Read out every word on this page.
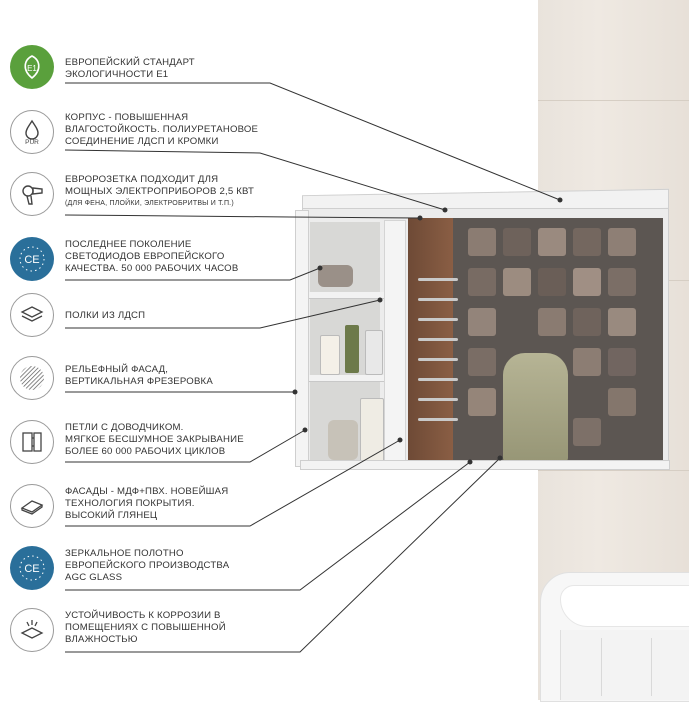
E1
ЕВРОПЕЙСКИЙ СТАНДАРТ
ЭКОЛОГИЧНОСТИ Е1
PUR
КОРПУС - ПОВЫШЕННАЯ
ВЛАГОСТОЙКОСТЬ. ПОЛИУРЕТАНОВОЕ
СОЕДИНЕНИЕ ЛДСП И КРОМКИ
ЕВРОРОЗЕТКА ПОДХОДИТ ДЛЯ
МОЩНЫХ ЭЛЕКТРОПРИБОРОВ 2,5 КВТ
(ДЛЯ ФЕНА, ПЛОЙКИ, ЭЛЕКТРОБРИТВЫ И Т.П.)
CE
ПОСЛЕДНЕЕ ПОКОЛЕНИЕ
СВЕТОДИОДОВ ЕВРОПЕЙСКОГО
КАЧЕСТВА. 50 000 РАБОЧИХ ЧАСОВ
ПОЛКИ ИЗ ЛДСП
РЕЛЬЕФНЫЙ ФАСАД,
ВЕРТИКАЛЬНАЯ ФРЕЗЕРОВКА
ПЕТЛИ С ДОВОДЧИКОМ.
МЯГКОЕ БЕСШУМНОЕ ЗАКРЫВАНИЕ
БОЛЕЕ 60 000 РАБОЧИХ ЦИКЛОВ
ФАСАДЫ - МДФ+ПВХ. НОВЕЙШАЯ
ТЕХНОЛОГИЯ ПОКРЫТИЯ.
ВЫСОКИЙ ГЛЯНЕЦ
CE
ЗЕРКАЛЬНОЕ ПОЛОТНО
ЕВРОПЕЙСКОГО ПРОИЗВОДСТВА
AGC GLASS
УСТОЙЧИВОСТЬ К КОРРОЗИИ В
ПОМЕЩЕНИЯХ С ПОВЫШЕННОЙ
ВЛАЖНОСТЬЮ
